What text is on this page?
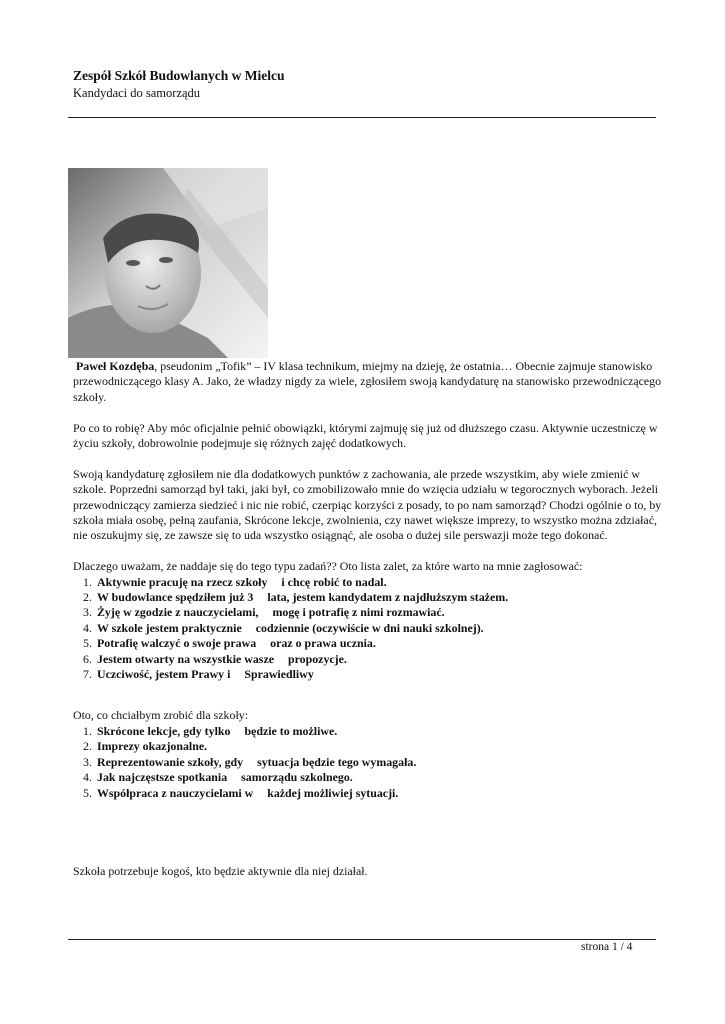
Zespół Szkół Budowlanych w Mielcu
Kandydaci do samorządu

Paweł Kozdęba, pseudonim „Tofik” – IV klasa technikum, miejmy na dzieję, że ostatnia… Obecnie zajmuje stanowisko przewodniczącego klasy A. Jako, że władzy nigdy za wiele, zgłosiłem swoją kandydaturę na stanowisko przewodniczącego szkoły.

Po co to robię? Aby móc oficjalnie pełnić obowiązki, którymi zajmuję się już od dłuższego czasu. Aktywnie uczestniczę w życiu szkoły, dobrowolnie podejmuje się różnych zajęć dodatkowych.

Swoją kandydaturę zgłosiłem nie dla dodatkowych punktów z zachowania, ale przede wszystkim, aby wiele zmienić w szkole. Poprzedni samorząd był taki, jaki był, co zmobilizowało mnie do wzięcia udziału w tegorocznych wyborach. Jeżeli przewodniczący zamierza siedzieć i nic nie robić, czerpiąc korzyści z posady, to po nam samorząd? Chodzi ogólnie o to, by szkoła miała osobę, pełną zaufania, Skrócone lekcje, zwolnienia, czy nawet większe imprezy, to wszystko można zdziałać, nie oszukujmy się, ze zawsze się to uda wszystko osiągnąć, ale osoba o dużej sile perswazji może tego dokonać.

Dlaczego uważam, że naddaje się do tego typu zadań?? Oto lista zalet, za które warto na mnie zagłosować:

1. Aktywnie pracuję na rzecz szkoły i chcę robić to nadal.
2. W budowlance spędziłem już 3 lata, jestem kandydatem z najdłuższym stażem.
3. Żyję w zgodzie z nauczycielami, mogę i potrafię z nimi rozmawiać.
4. W szkole jestem praktycznie codziennie (oczywiście w dni nauki szkolnej).
5. Potrafię walczyć o swoje prawa oraz o prawa ucznia.
6. Jestem otwarty na wszystkie wasze propozycje.
7. Uczciwość, jestem Prawy i Sprawiedliwy

Oto, co chciałbym zrobić dla szkoły:

1. Skrócone lekcje, gdy tylko będzie to możliwe.
2. Imprezy okazjonalne.
3. Reprezentowanie szkoły, gdy sytuacja będzie tego wymagała.
4. Jak najczęstsze spotkania samorządu szkolnego.
5. Współpraca z nauczycielami w każdej możliwiej sytuacji.

Szkoła potrzebuje kogoś, kto będzie aktywnie dla niej działał.

strona 1 / 4
